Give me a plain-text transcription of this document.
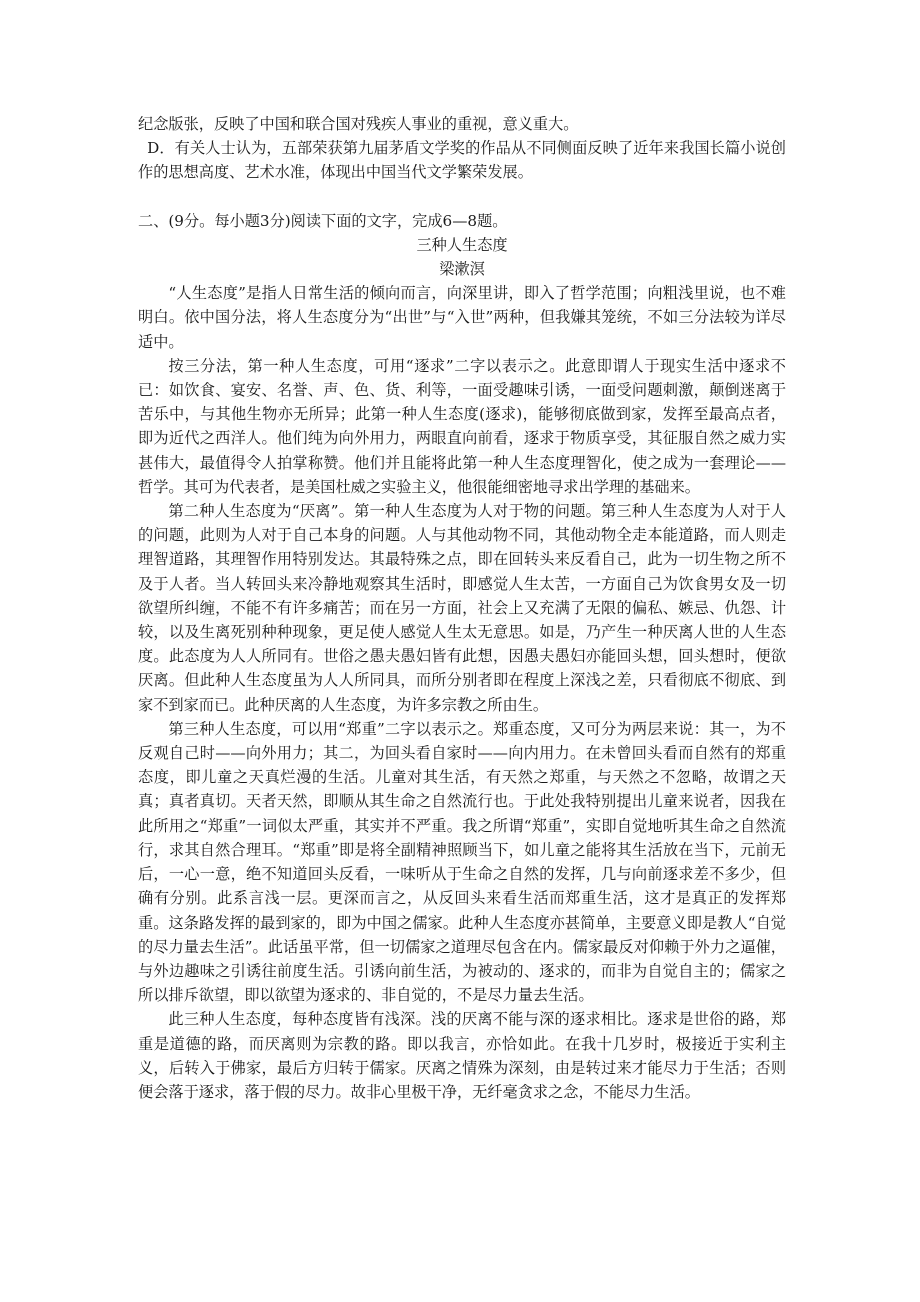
纪念版张，反映了中国和联合国对残疾人事业的重视，意义重大。

D．有关人士认为，五部荣获第九届茅盾文学奖的作品从不同侧面反映了近年来我国长篇小说创作的思想高度、艺术水准，体现出中国当代文学繁荣发展。

二、(9分。每小题3分)阅读下面的文字，完成6—8题。

三种人生态度

梁漱溟

“人生态度”是指人日常生活的倾向而言，向深里讲，即入了哲学范围；向粗浅里说，也不难明白。依中国分法，将人生态度分为“出世”与“入世”两种，但我嫌其笼统，不如三分法较为详尽适中。

按三分法，第一种人生态度，可用“逐求”二字以表示之。此意即谓人于现实生活中逐求不已：如饮食、宴安、名誉、声、色、货、利等，一面受趣味引诱，一面受问题刺激，颠倒迷离于苦乐中，与其他生物亦无所异；此第一种人生态度(逐求)，能够彻底做到家，发挥至最高点者，即为近代之西洋人。他们纯为向外用力，两眼直向前看，逐求于物质享受，其征服自然之威力实甚伟大，最值得令人拍掌称赞。他们并且能将此第一种人生态度理智化，使之成为一套理论——哲学。其可为代表者，是美国杜威之实验主义，他很能细密地寻求出学理的基础来。

第二种人生态度为“厌离”。第一种人生态度为人对于物的问题。第三种人生态度为人对于人的问题，此则为人对于自己本身的问题。人与其他动物不同，其他动物全走本能道路，而人则走理智道路，其理智作用特别发达。其最特殊之点，即在回转头来反看自己，此为一切生物之所不及于人者。当人转回头来冷静地观察其生活时，即感觉人生太苦，一方面自己为饮食男女及一切欲望所纠缠，不能不有许多痛苦；而在另一方面，社会上又充满了无限的偏私、嫉忌、仇怨、计较，以及生离死别种种现象，更足使人感觉人生太无意思。如是，乃产生一种厌离人世的人生态度。此态度为人人所同有。世俗之愚夫愚妇皆有此想，因愚夫愚妇亦能回头想，回头想时，便欲厌离。但此种人生态度虽为人人所同具，而所分别者即在程度上深浅之差，只看彻底不彻底、到家不到家而已。此种厌离的人生态度，为许多宗教之所由生。

第三种人生态度，可以用“郑重”二字以表示之。郑重态度，又可分为两层来说：其一，为不反观自己时——向外用力；其二，为回头看自家时——向内用力。在未曾回头看而自然有的郑重态度，即儿童之天真烂漫的生活。儿童对其生活，有天然之郑重，与天然之不忽略，故谓之天真；真者真切。天者天然，即顺从其生命之自然流行也。于此处我特别提出儿童来说者，因我在此所用之“郑重”一词似太严重，其实并不严重。我之所谓“郑重”，实即自觉地听其生命之自然流行，求其自然合理耳。“郑重”即是将全副精神照顾当下，如儿童之能将其生活放在当下，元前无后，一心一意，绝不知道回头反看，一味听从于生命之自然的发挥，几与向前逐求差不多少，但确有分别。此系言浅一层。更深而言之，从反回头来看生活而郑重生活，这才是真正的发挥郑重。这条路发挥的最到家的，即为中国之儒家。此种人生态度亦甚简单，主要意义即是教人“自觉的尽力量去生活”。此话虽平常，但一切儒家之道理尽包含在内。儒家最反对仰赖于外力之逼催，与外边趣味之引诱往前度生活。引诱向前生活，为被动的、逐求的，而非为自觉自主的；儒家之所以排斥欲望，即以欲望为逐求的、非自觉的，不是尽力量去生活。

此三种人生态度，每种态度皆有浅深。浅的厌离不能与深的逐求相比。逐求是世俗的路，郑重是道德的路，而厌离则为宗教的路。即以我言，亦恰如此。在我十几岁时，极接近于实利主义，后转入于佛家，最后方归转于儒家。厌离之情殊为深刻，由是转过来才能尽力于生活；否则便会落于逐求，落于假的尽力。故非心里极干净，无纤毫贪求之念，不能尽力生活。
